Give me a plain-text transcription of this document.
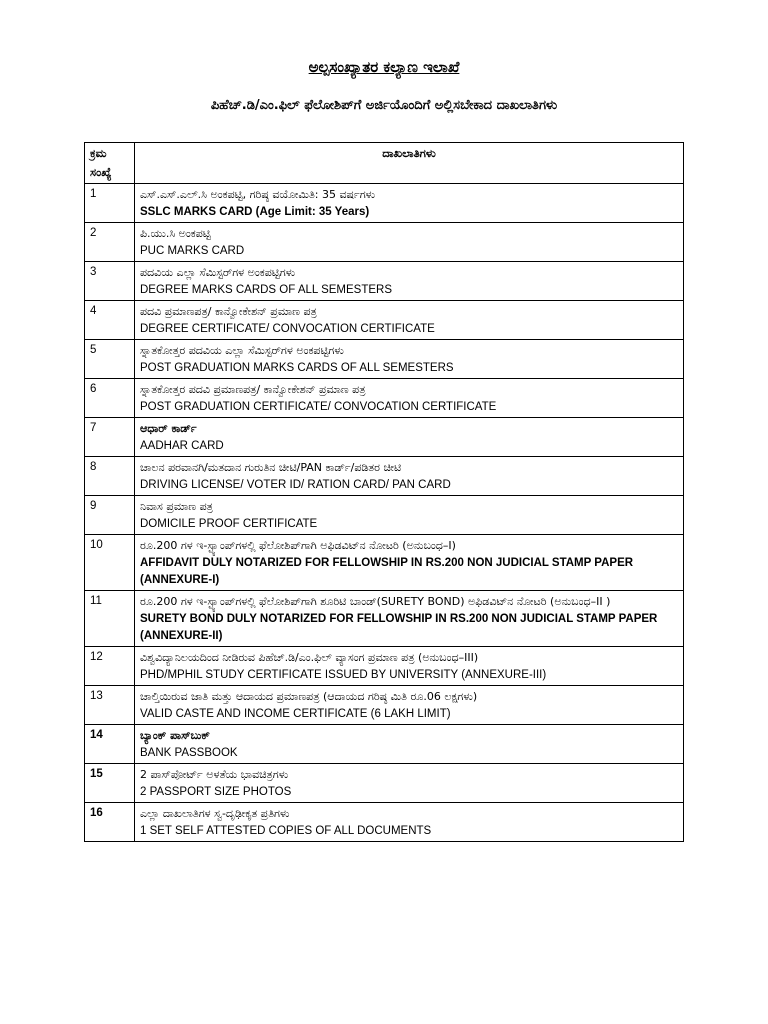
ಅಲ್ಪಸಂಖ್ಯಾತರ ಕಲ್ಯಾಣ ಇಲಾಖೆ
ಪಿಹೆಚ್.ಡಿ/ಎಂ.ಫಿಲ್ ಫೆಲೋಶಿಪ್‌ಗೆ ಅರ್ಜಿಯೊಂದಿಗೆ ಅಲ್ಲಿಸಬೇಕಾದ ದಾಖಲಾತಿಗಳು
ಕ್ರಮ
ಸಂಖ್ಯೆ	ದಾಖಲಾತಿಗಳು
1	ಎಸ್.ಎಸ್.ಎಲ್.ಸಿ ಅಂಕಪಟ್ಟಿ, ಗರಿಷ್ಠ ವಯೋಮಿತಿ: 35 ವರ್ಷಗಳು
SSLC MARKS CARD (Age Limit: 35 Years)

2	ಪಿ.ಯು.ಸಿ ಅಂಕಪಟ್ಟಿ
PUC MARKS CARD

3	ಪದವಿಯ ಎಲ್ಲಾ ಸೆಮಿಸ್ಟರ್‌ಗಳ ಅಂಕಪಟ್ಟಿಗಳು
DEGREE MARKS CARDS OF ALL SEMESTERS

4	ಪದವಿ ಪ್ರಮಾಣಪತ್ರ/ ಕಾನ್ವೋಕೇಶನ್ ಪ್ರಮಾಣ ಪತ್ರ
DEGREE CERTIFICATE/ CONVOCATION CERTIFICATE

5	ಸ್ನಾತಕೋತ್ತರ ಪದವಿಯ ಎಲ್ಲಾ ಸೆಮಿಸ್ಟರ್‌ಗಳ ಅಂಕಪಟ್ಟಿಗಳು
POST GRADUATION MARKS CARDS OF ALL SEMESTERS

6	ಸ್ನಾತಕೋತ್ತರ ಪದವಿ ಪ್ರಮಾಣಪತ್ರ/ ಕಾನ್ವೋಕೇಶನ್ ಪ್ರಮಾಣ ಪತ್ರ
POST GRADUATION CERTIFICATE/ CONVOCATION CERTIFICATE

7	ಆಧಾರ್ ಕಾರ್ಡ್
AADHAR CARD

8	ಚಾಲನ ಪರವಾನಗಿ/ಮತದಾನ ಗುರುತಿನ ಚೀಟಿ/PAN ಕಾರ್ಡ್/ಪಡಿತರ ಚೀಟಿ
DRIVING LICENSE/ VOTER ID/ RATION CARD/ PAN CARD

9	ನಿವಾಸ ಪ್ರಮಾಣ ಪತ್ರ
DOMICILE PROOF CERTIFICATE

10	ರೂ.200 ಗಳ ಇ-ಸ್ಟ್ಯಾಂಪ್‌ಗಳಲ್ಲಿ ಫೆಲೋಶಿಪ್‌ಗಾಗಿ ಅಫಿಡವಿಟ್‌ನ ನೋಟರಿ (ಅನುಬಂಧ–I)
AFFIDAVIT DULY NOTARIZED FOR FELLOWSHIP IN RS.200 NON JUDICIAL STAMP PAPER (ANNEXURE-I)

11	ರೂ.200 ಗಳ ಇ-ಸ್ಟ್ಯಾಂಪ್‌ಗಳಲ್ಲಿ ಫೆಲೋಶಿಪ್‌ಗಾಗಿ ಶೂರಿಟಿ ಬಾಂಡ್(SURETY BOND) ಅಫಿಡವಿಟ್‌ನ ನೋಟರಿ (ಅನುಬಂಧ–II )
SURETY BOND DULY NOTARIZED FOR FELLOWSHIP IN RS.200 NON JUDICIAL STAMP PAPER (ANNEXURE-II)

12	ವಿಶ್ವವಿದ್ಯಾನಿಲಯದಿಂದ ನೀಡಿರುವ ಪಿಹೆಚ್.ಡಿ/ಎಂ.ಫಿಲ್ ವ್ಯಾಸಂಗ ಪ್ರಮಾಣ ಪತ್ರ (ಅನುಬಂಧ–III)
PHD/MPHIL STUDY CERTIFICATE ISSUED BY UNIVERSITY (ANNEXURE-III)

13	ಚಾಲ್ತಿಯಿರುವ ಜಾತಿ ಮತ್ತು ಆದಾಯದ ಪ್ರಮಾಣಪತ್ರ (ಆದಾಯದ ಗರಿಷ್ಠ ಮಿತಿ ರೂ.06 ಲಕ್ಷಗಳು)
VALID CASTE AND INCOME CERTIFICATE (6 LAKH LIMIT)

14	ಬ್ಯಾಂಕ್ ಪಾಸ್‌ಬುಕ್
BANK PASSBOOK

15	2 ಪಾಸ್‌ಪೋರ್ಟ್ ಅಳತೆಯ ಭಾವಚಿತ್ರಗಳು
2 PASSPORT SIZE PHOTOS

16	ಎಲ್ಲಾ ದಾಖಲಾತಿಗಳ ಸ್ವ-ದೃಢೀಕೃತ ಪ್ರತಿಗಳು
1 SET SELF ATTESTED COPIES OF ALL DOCUMENTS
